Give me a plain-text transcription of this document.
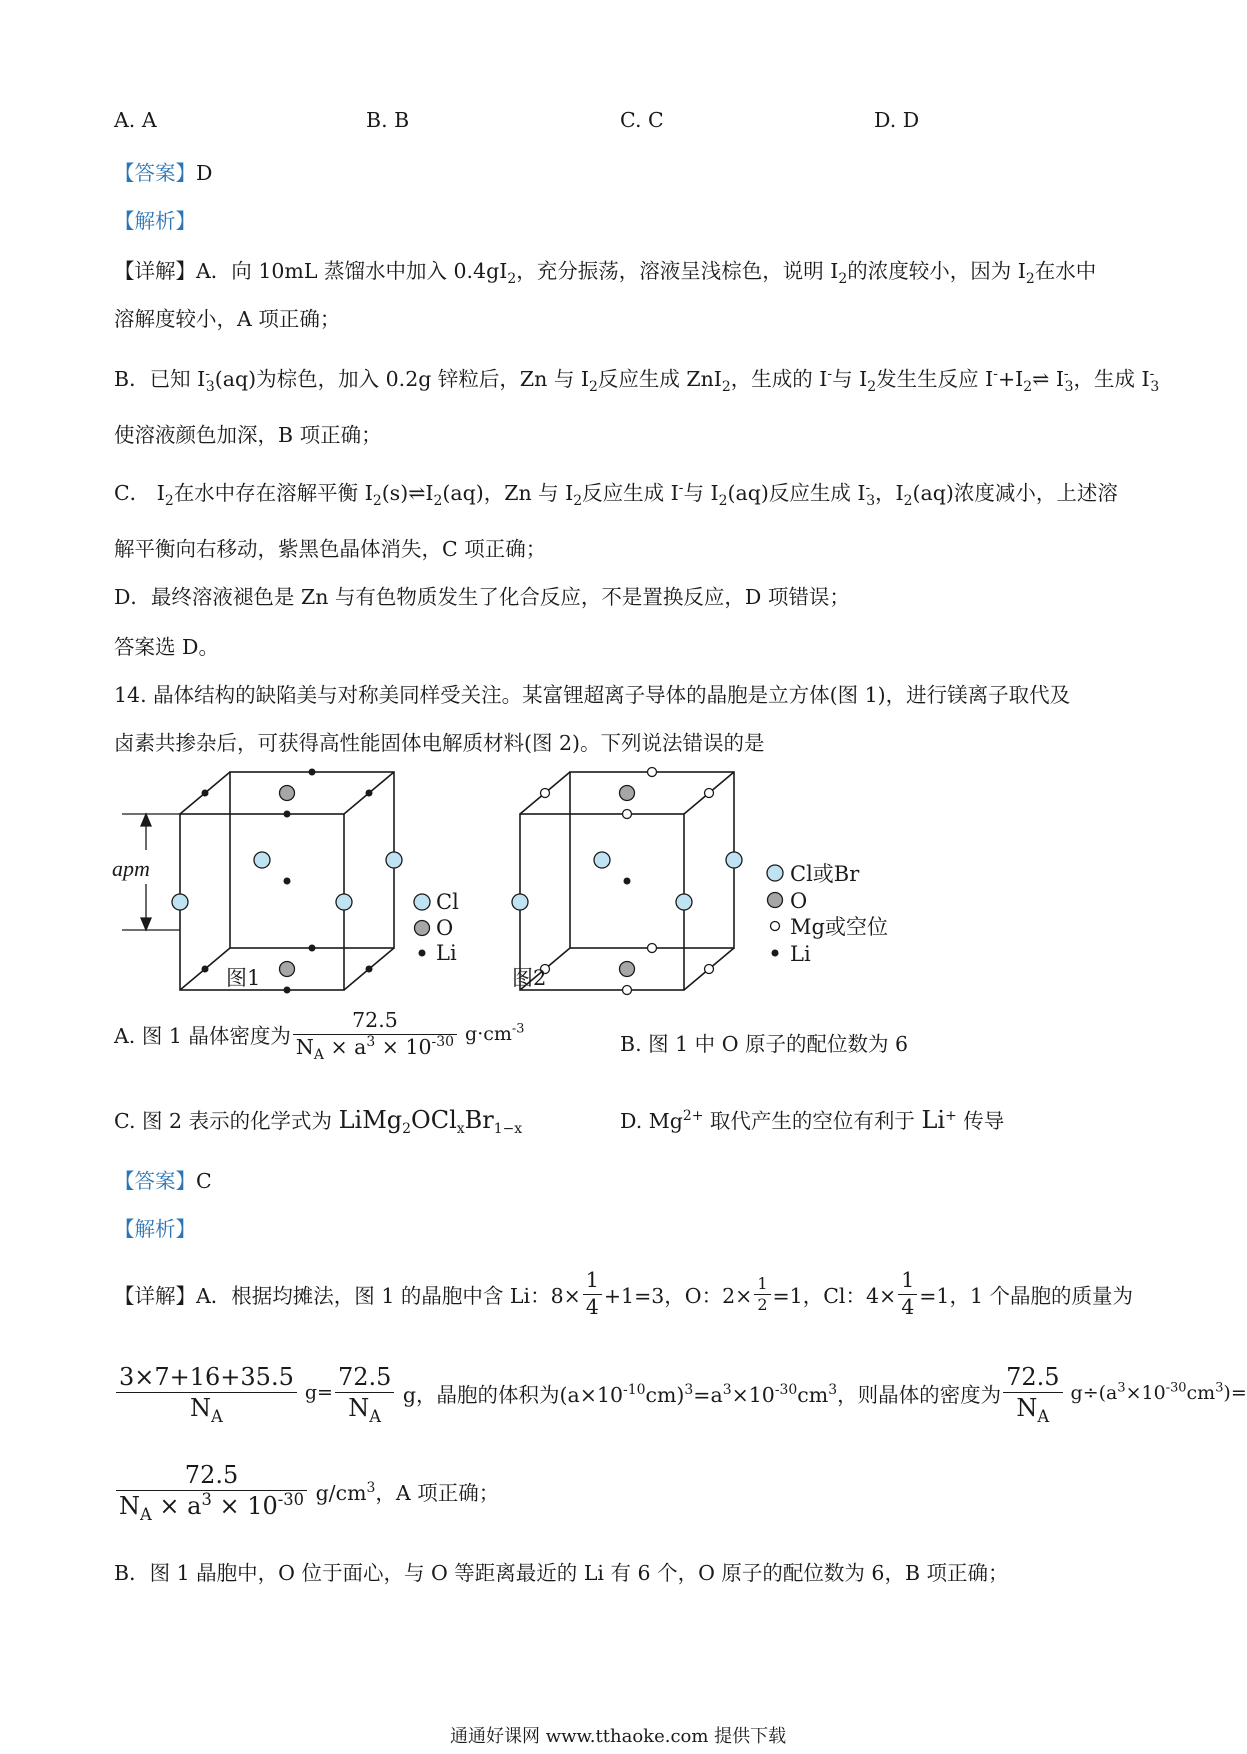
A. A	B. B	C. C	D. D
【答案】D
【解析】
【详解】A．向 10mL 蒸馏水中加入 $0.4gI_2$，充分振荡，溶液呈浅棕色，说明 $I_2$的浓度较小，因为 $I_2$在水中
溶解度较小，A 项正确；
B．已知 $I^-_3(aq)$为棕色，加入 0.2g 锌粒后，Zn 与 $I_2$反应生成 ZnI$_2$，生成的 I-与 $I_2$发生生反应 $I^-+I_2\rightleftharpoons$ $I^-_3$，生成 $I^-_3$
使溶液颜色加深，B 项正确；
C． $I_2$在水中存在溶解平衡 $I_2(s)\rightleftharpoons I_2(aq)$，Zn 与 $I_2$反应生成 I-与 $I_2(aq)$反应生成 $I^-_3$，$I_2(aq)$浓度减小，上述溶
解平衡向右移动，紫黑色晶体消失，C 项正确；
D．最终溶液褪色是 Zn 与有色物质发生了化合反应，不是置换反应，D 项错误；
答案选 D。
14. 晶体结构的缺陷美与对称美同样受关注。某富锂超离子导体的晶胞是立方体(图 1)，进行镁离子取代及
卤素共掺杂后，可获得高性能固体电解质材料(图 2)。下列说法错误的是
apm
Cl
O
Li
Cl或Br
O
Mg或空位
Li
图1	图2
A. 图 1 晶体密度为 $\frac{72.5}{N_A \times a^3 \times 10^{-30}} g\cdot cm^{-3}$
B. 图 1 中 O 原子的配位数为 6
C. 图 2 表示的化学式为 $LiMg_2OCl_xBr_{1-x}$	D. $Mg^{2+}$ 取代产生的空位有利于 Li+ 传导
【答案】C
【解析】
【详解】A．根据均摊法，图 1 的晶胞中含 Li：$8\times \frac{1}{4} +1=3$，O：$2\times \frac{1}{2} =1$，Cl：$4\times \frac{1}{4} =1$，1 个晶胞的质量为
$\frac{3\times 7+16+35.5}{N_A} g= \frac{72.5}{N_A}$ g，晶胞的体积为$(a\times 10^{-10}cm)^3=a^3\times 10^{-30}cm^3$，则晶体的密度为 $\frac{72.5}{N_A} g\div(a^3\times 10^{-30}cm^3)=$
$\frac{72.5}{N_A \times a^3 \times 10^{-30}} g/cm^3$，A 项正确；
B．图 1 晶胞中，O 位于面心，与 O 等距离最近的 Li 有 6 个，O 原子的配位数为 6，B 项正确；
通通好课网 www.tthaoke.com 提供下载
